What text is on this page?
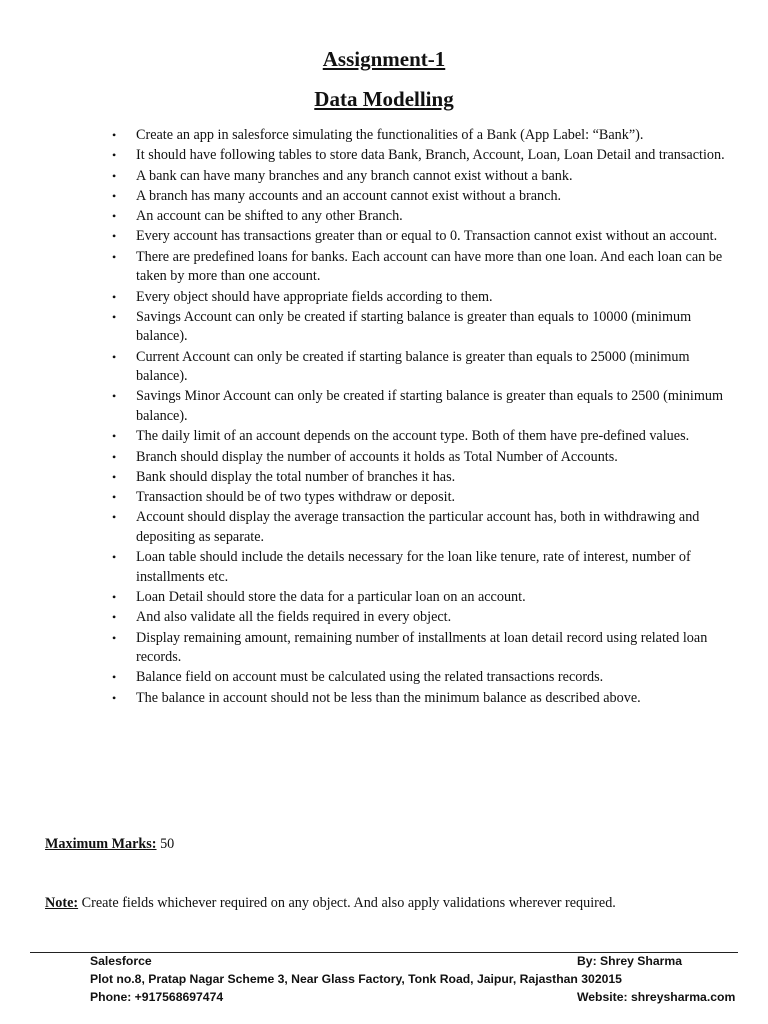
Assignment-1
Data Modelling
• Create an app in salesforce simulating the functionalities of a Bank (App Label: “Bank”).
• It should have following tables to store data Bank, Branch, Account, Loan, Loan Detail and transaction.
• A bank can have many branches and any branch cannot exist without a bank.
• A branch has many accounts and an account cannot exist without a branch.
• An account can be shifted to any other Branch.
• Every account has transactions greater than or equal to 0. Transaction cannot exist without an account.
• There are predefined loans for banks. Each account can have more than one loan. And each loan can be taken by more than one account.
• Every object should have appropriate fields according to them.
• Savings Account can only be created if starting balance is greater than equals to 10000 (minimum balance).
• Current Account can only be created if starting balance is greater than equals to 25000 (minimum balance).
• Savings Minor Account can only be created if starting balance is greater than equals to 2500 (minimum balance).
• The daily limit of an account depends on the account type. Both of them have pre-defined values.
• Branch should display the number of accounts it holds as Total Number of Accounts.
• Bank should display the total number of branches it has.
• Transaction should be of two types withdraw or deposit.
• Account should display the average transaction the particular account has, both in withdrawing and depositing as separate.
• Loan table should include the details necessary for the loan like tenure, rate of interest, number of installments etc.
• Loan Detail should store the data for a particular loan on an account.
• And also validate all the fields required in every object.
• Display remaining amount, remaining number of installments at loan detail record using related loan records.
• Balance field on account must be calculated using the related transactions records.
• The balance in account should not be less than the minimum balance as described above.
Maximum Marks: 50
Note: Create fields whichever required on any object. And also apply validations wherever required.
Salesforce	By: Shrey Sharma
Plot no.8, Pratap Nagar Scheme 3, Near Glass Factory, Tonk Road, Jaipur, Rajasthan 302015
Phone: +917568697474	Website: shreysharma.com
